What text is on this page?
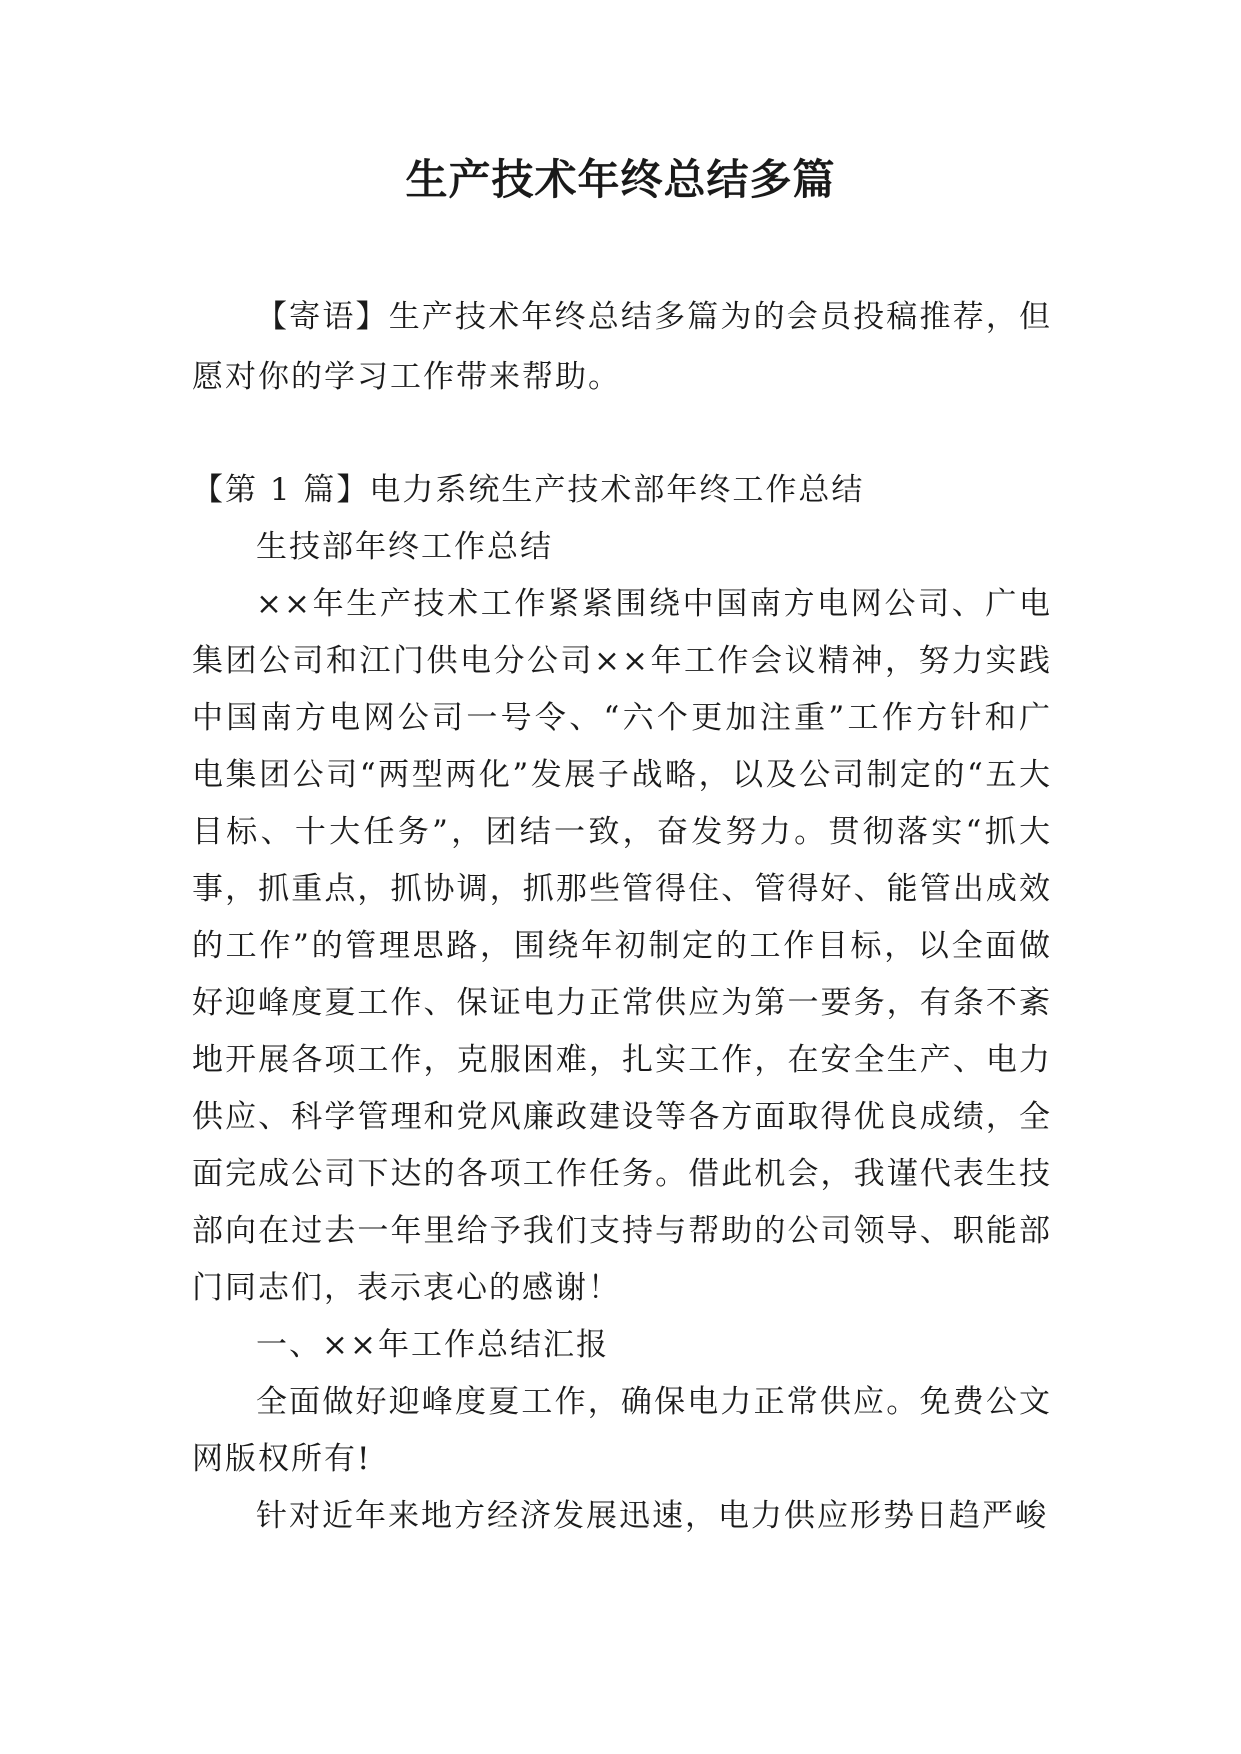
生产技术年终总结多篇

【寄语】生产技术年终总结多篇为的会员投稿推荐，但愿对你的学习工作带来帮助。

【第 1 篇】电力系统生产技术部年终工作总结

生技部年终工作总结

××年生产技术工作紧紧围绕中国南方电网公司、广电集团公司和江门供电分公司××年工作会议精神，努力实践中国南方电网公司一号令、“六个更加注重”工作方针和广电集团公司“两型两化”发展子战略，以及公司制定的“五大目标、十大任务”，团结一致，奋发努力。贯彻落实“抓大事，抓重点，抓协调，抓那些管得住、管得好、能管出成效的工作”的管理思路，围绕年初制定的工作目标，以全面做好迎峰度夏工作、保证电力正常供应为第一要务，有条不紊地开展各项工作，克服困难，扎实工作，在安全生产、电力供应、科学管理和党风廉政建设等各方面取得优良成绩，全面完成公司下达的各项工作任务。借此机会，我谨代表生技部向在过去一年里给予我们支持与帮助的公司领导、职能部门同志们，表示衷心的感谢！

一、××年工作总结汇报

全面做好迎峰度夏工作，确保电力正常供应。免费公文网版权所有!

针对近年来地方经济发展迅速，电力供应形势日趋严峻
